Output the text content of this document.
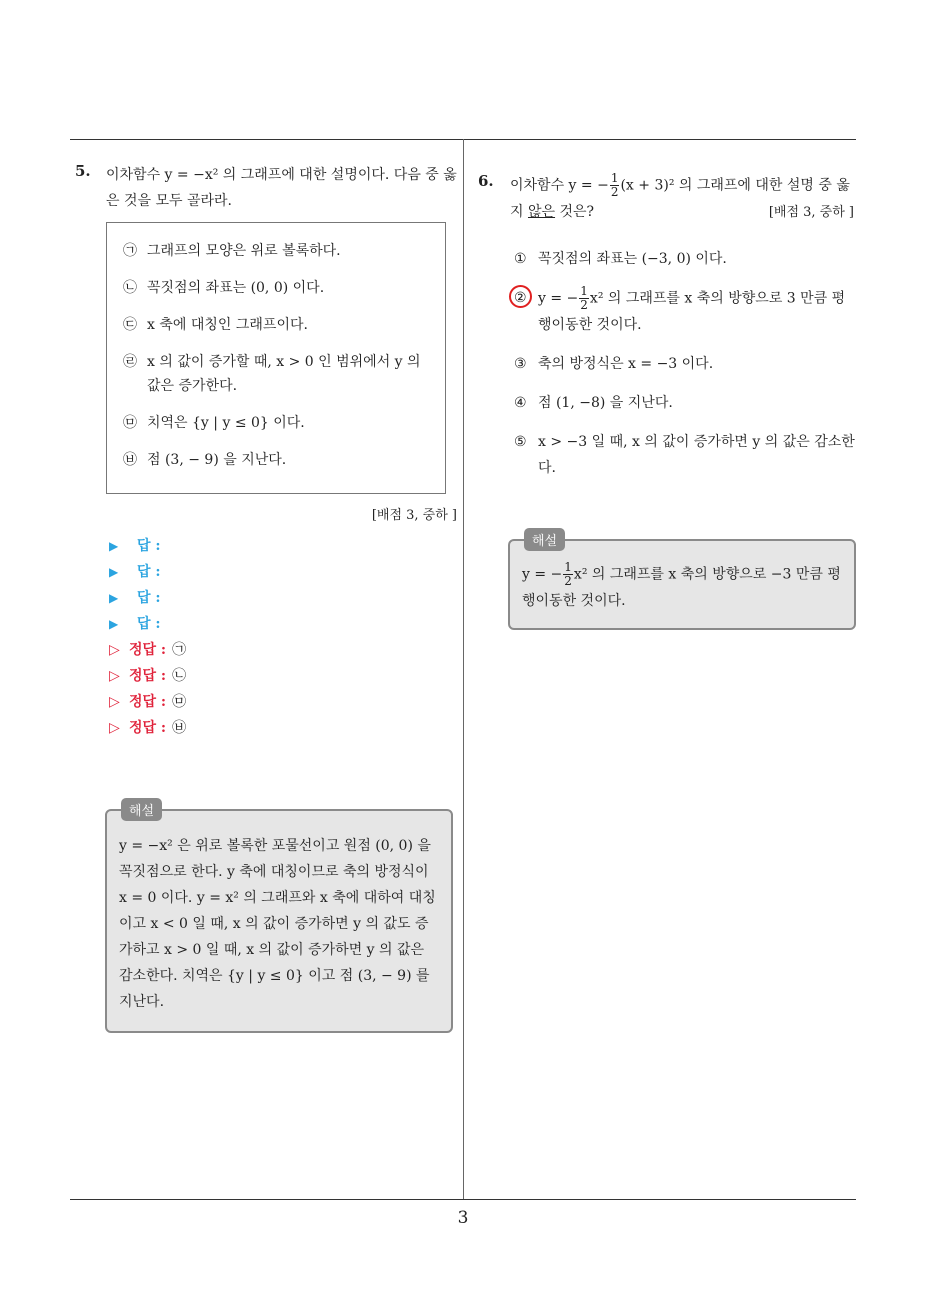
3
5. 이차함수 y = −x² 의 그래프에 대한 설명이다. 다음 중 옳은 것을 모두 골라라.
㉠ 그래프의 모양은 위로 볼록하다.
㉡ 꼭짓점의 좌표는 (0, 0) 이다.
㉢ x 축에 대칭인 그래프이다.
㉣ x 의 값이 증가할 때, x > 0 인 범위에서 y 의 값은 증가한다.
㉤ 치역은 {y | y ≤ 0} 이다.
㉥ 점 (3, − 9) 을 지난다.
[배점 3, 중하 ]
▶	답 :
▶	답 :
▶	답 :
▶	답 :
▷ 정답 : ㉠
▷ 정답 : ㉡
▷ 정답 : ㉤
▷ 정답 : ㉥
해설
y = −x² 은 위로 볼록한 포물선이고 원점 (0, 0) 을 꼭짓점으로 한다. y 축에 대칭이므로 축의 방정식이 x = 0 이다. y = x² 의 그래프와 x 축에 대하여 대칭이고 x < 0 일 때, x 의 값이 증가하면 y 의 값도 증가하고 x > 0 일 때, x 의 값이 증가하면 y 의 값은 감소한다. 치역은 {y | y ≤ 0} 이고 점 (3, − 9) 를 지난다.
6. 이차함수 y = − $\frac{1}{2} (x + 3)^2$ 의 그래프에 대한 설명 중 옳지 않은 것은?	[배점 3, 중하 ]
① 꼭짓점의 좌표는 (−3, 0) 이다.
② y = − $\frac{1}{2} x^2$ 의 그래프를 x 축의 방향으로 3 만큼 평행이동한 것이다.
③ 축의 방정식은 x = −3 이다.
④ 점 (1, −8) 을 지난다.
⑤ x > −3 일 때, x 의 값이 증가하면 y 의 값은 감소한다.
해설
y = − $\frac{1}{2} x^2$ 의 그래프를 x 축의 방향으로 −3 만큼 평행이동한 것이다.
